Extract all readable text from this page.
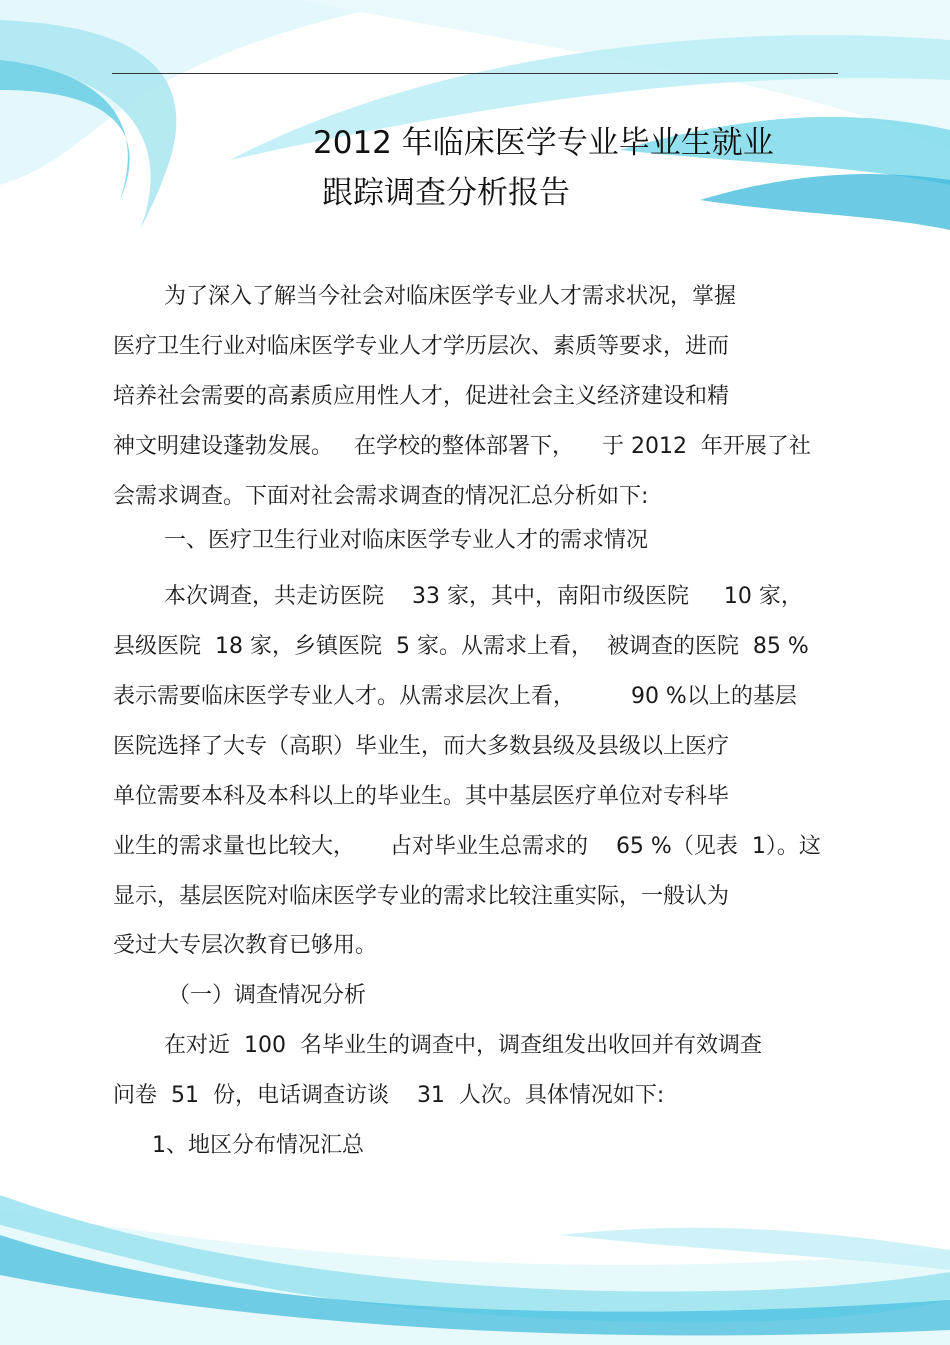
2012 年临床医学专业毕业生就业
跟踪调查分析报告
为了深入了解当今社会对临床医学专业人才需求状况，掌握
医疗卫生行业对临床医学专业人才学历层次、素质等要求，进而
培养社会需要的高素质应用性人才，促进社会主义经济建设和精
神文明建设蓬勃发展。   在学校的整体部署下，    于 2012  年开展了社
会需求调查。下面对社会需求调查的情况汇总分析如下:
一、医疗卫生行业对临床医学专业人才的需求情况
本次调查，共走访医院    33 家，其中，南阳市级医院     10 家，
县级医院  18 家，乡镇医院  5 家。从需求上看，  被调查的医院  85 %
表示需要临床医学专业人才。从需求层次上看，        90 %以上的基层
医院选择了大专（高职）毕业生，而大多数县级及县级以上医疗
单位需要本科及本科以上的毕业生。其中基层医疗单位对专科毕
业生的需求量也比较大，     占对毕业生总需求的    65 %（见表  1）。这
显示，基层医院对临床医学专业的需求比较注重实际，一般认为
受过大专层次教育已够用。
（一）调查情况分析
在对近  100  名毕业生的调查中，调查组发出收回并有效调查
问卷  51  份，电话调查访谈    31  人次。具体情况如下:
1、地区分布情况汇总
